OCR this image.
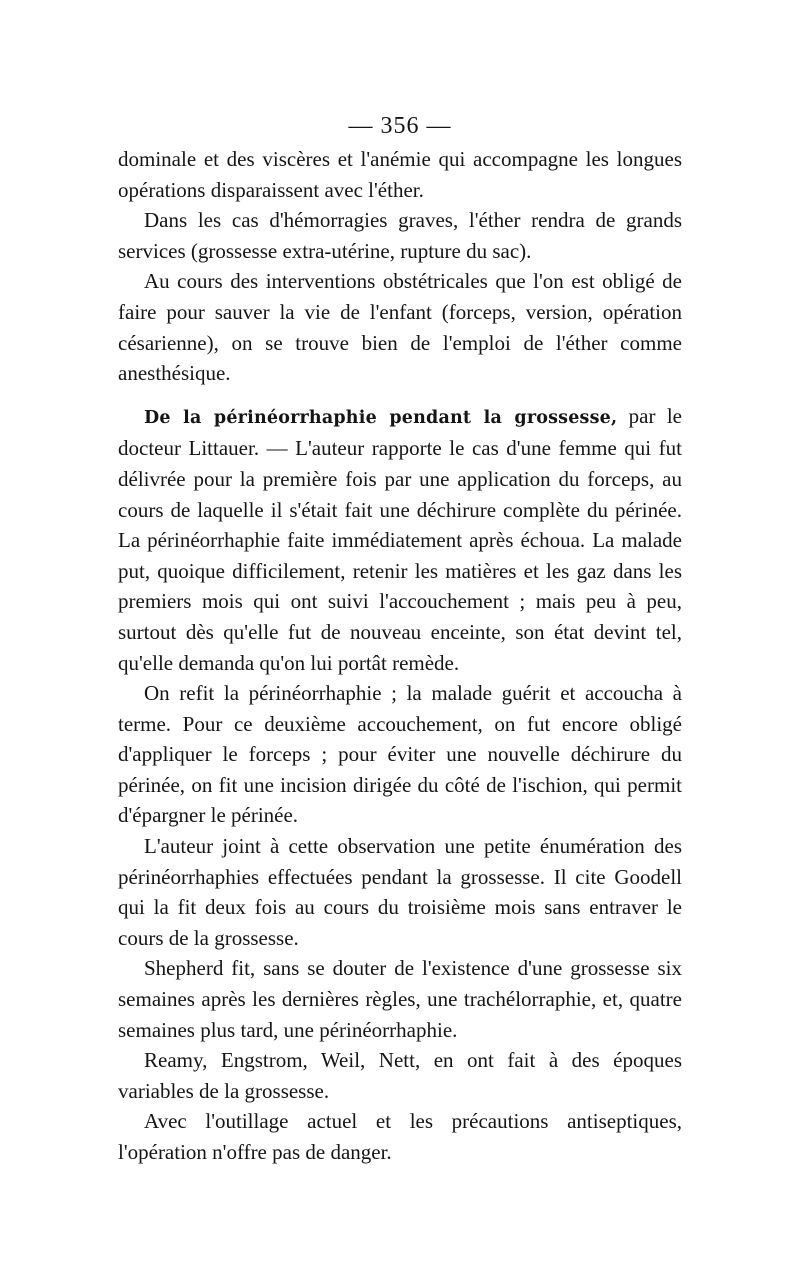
— 356 —

dominale et des viscères et l'anémie qui accompagne les longues opérations disparaissent avec l'éther.

Dans les cas d'hémorragies graves, l'éther rendra de grands services (grossesse extra-utérine, rupture du sac).

Au cours des interventions obstétricales que l'on est obligé de faire pour sauver la vie de l'enfant (forceps, version, opération césarienne), on se trouve bien de l'emploi de l'éther comme anesthésique.

De la périnéorrhaphie pendant la grossesse, par le docteur Littauer. — L'auteur rapporte le cas d'une femme qui fut délivrée pour la première fois par une application du forceps, au cours de laquelle il s'était fait une déchirure complète du périnée. La périnéorrhaphie faite immédiatement après échoua. La malade put, quoique difficilement, retenir les matières et les gaz dans les premiers mois qui ont suivi l'accouchement ; mais peu à peu, surtout dès qu'elle fut de nouveau enceinte, son état devint tel, qu'elle demanda qu'on lui portât remède.

On refit la périnéorrhaphie ; la malade guérit et accoucha à terme. Pour ce deuxième accouchement, on fut encore obligé d'appliquer le forceps ; pour éviter une nouvelle déchirure du périnée, on fit une incision dirigée du côté de l'ischion, qui permit d'épargner le périnée.

L'auteur joint à cette observation une petite énumération des périnéorrhaphies effectuées pendant la grossesse. Il cite Goodell qui la fit deux fois au cours du troisième mois sans entraver le cours de la grossesse.

Shepherd fit, sans se douter de l'existence d'une grossesse six semaines après les dernières règles, une trachélorraphie, et, quatre semaines plus tard, une périnéorrhaphie.

Reamy, Engstrom, Weil, Nett, en ont fait à des époques variables de la grossesse.

Avec l'outillage actuel et les précautions antiseptiques, l'opération n'offre pas de danger.
